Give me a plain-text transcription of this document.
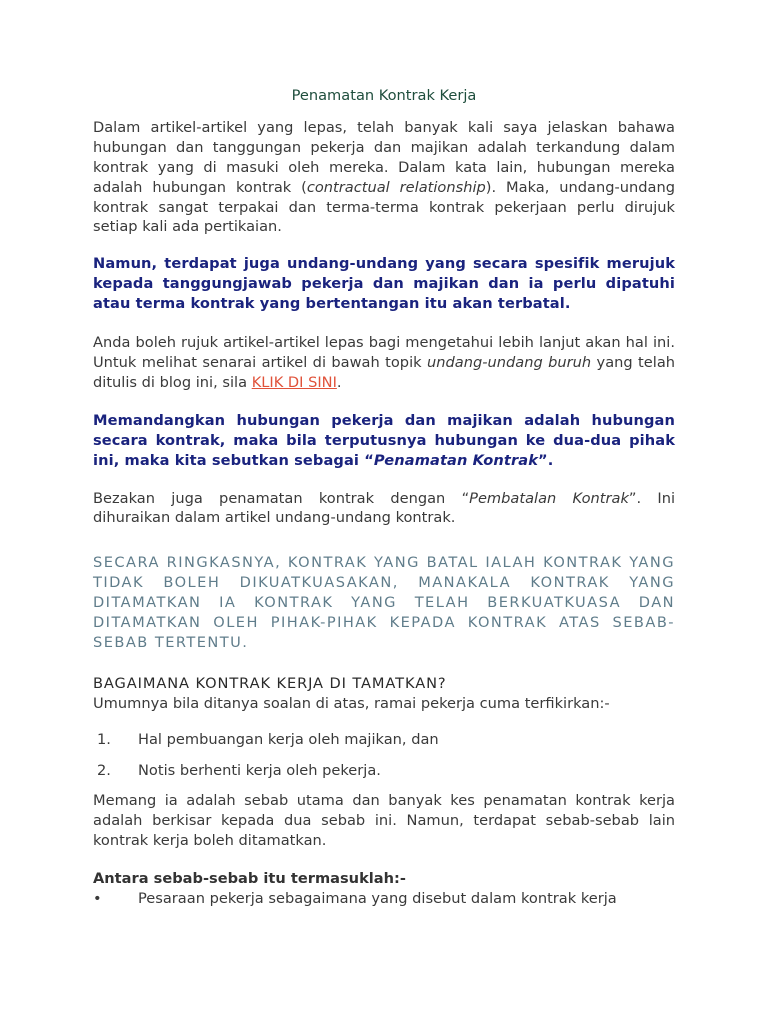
Penamatan Kontrak Kerja

Dalam artikel-artikel yang lepas, telah banyak kali saya jelaskan bahawa hubungan dan tanggungan pekerja dan majikan adalah terkandung dalam kontrak yang di masuki oleh mereka. Dalam kata lain, hubungan mereka adalah hubungan kontrak (contractual relationship). Maka, undang-undang kontrak sangat terpakai dan terma-terma kontrak pekerjaan perlu dirujuk setiap kali ada pertikaian.

Namun, terdapat juga undang-undang yang secara spesifik merujuk kepada tanggungjawab pekerja dan majikan dan ia perlu dipatuhi atau terma kontrak yang bertentangan itu akan terbatal.

Anda boleh rujuk artikel-artikel lepas bagi mengetahui lebih lanjut akan hal ini. Untuk melihat senarai artikel di bawah topik undang-undang buruh yang telah ditulis di blog ini, sila KLIK DI SINI.

Memandangkan hubungan pekerja dan majikan adalah hubungan secara kontrak, maka bila terputusnya hubungan ke dua-dua pihak ini, maka kita sebutkan sebagai “Penamatan Kontrak”.

Bezakan juga penamatan kontrak dengan “Pembatalan Kontrak”. Ini dihuraikan dalam artikel undang-undang kontrak.

SECARA RINGKASNYA, KONTRAK YANG BATAL IALAH KONTRAK YANG TIDAK BOLEH DIKUATKUASAKAN, MANAKALA KONTRAK YANG DITAMATKAN IA KONTRAK YANG TELAH BERKUATKUASA DAN DITAMATKAN OLEH PIHAK-PIHAK KEPADA KONTRAK ATAS SEBAB-SEBAB TERTENTU.

BAGAIMANA KONTRAK KERJA DI TAMATKAN?

Umumnya bila ditanya soalan di atas, ramai pekerja cuma terfikirkan:-

1. Hal pembuangan kerja oleh majikan, dan
2. Notis berhenti kerja oleh pekerja.

Memang ia adalah sebab utama dan banyak kes penamatan kontrak kerja adalah berkisar kepada dua sebab ini. Namun, terdapat sebab-sebab lain kontrak kerja boleh ditamatkan.

Antara sebab-sebab itu termasuklah:-

• Pesaraan pekerja sebagaimana yang disebut dalam kontrak kerja
